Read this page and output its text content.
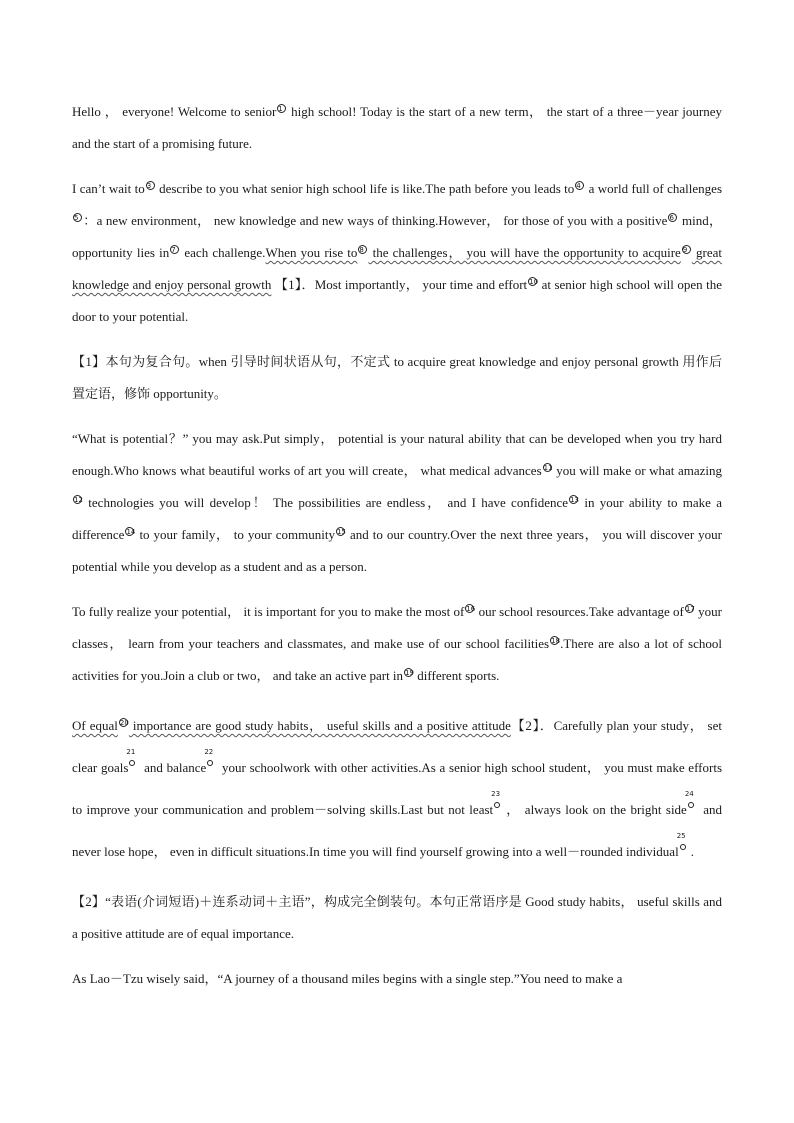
Hello ， everyone! Welcome to senior 1 high school! Today is the start of a new term， the start of a three－year journey and the start of a promising future.

I can’t wait to 3 describe to you what senior high school life is like.The path before you leads to 4 a world full of challenges5 ：a new environment， new knowledge and new ways of thinking.However， for those of you with a positive 6 mind， opportunity lies in 7 each challenge.When you rise to 8 the challenges， you will have the opportunity to acquire 9 great knowledge and enjoy personal growth 【1】．Most importantly， your time and effort 10 at senior high school will open the door to your potential.

【1】本句为复合句。when 引导时间状语从句，不定式 to acquire great knowledge and enjoy personal growth 用作后置定语，修饰 opportunity。

“What is potential？” you may ask.Put simply， potential is your natural ability that can be developed when you try hard enough.Who knows what beautiful works of art you will create， what medical advances 11 you will make or what amazing12 technologies you will develop！ The possibilities are endless， and I have confidence 13 in your ability to make a difference 14 to your family， to your community 15 and to our country.Over the next three years， you will discover your potential while you develop as a student and as a person.

To fully realize your potential， it is important for you to make the most of 16 our school resources.Take advantage of 17 your classes， learn from your teachers and classmates, and make use of our school facilities 18.There are also a lot of school activities for you.Join a club or two， and take an active part in 19 different sports.

Of equal 20 importance are good study habits， useful skills and a positive attitude【2】．Carefully plan your study， set clear goals
21
and balance
22
your schoolwork with other activities.As a senior high school student， you must make efforts to improve your communication and problem－solving skills.Last but not least
23
， always look on the bright side
24
and never lose hope， even in difficult situations.In time you will find yourself growing into a well－rounded individual
25
.

【2】“表语(介词短语)＋连系动词＋主语”，构成完全倒装句。本句正常语序是 Good study habits， useful skills and a positive attitude are of equal importance.

As Lao－Tzu wisely said，“A journey of a thousand miles begins with a single step.”You need to make a
